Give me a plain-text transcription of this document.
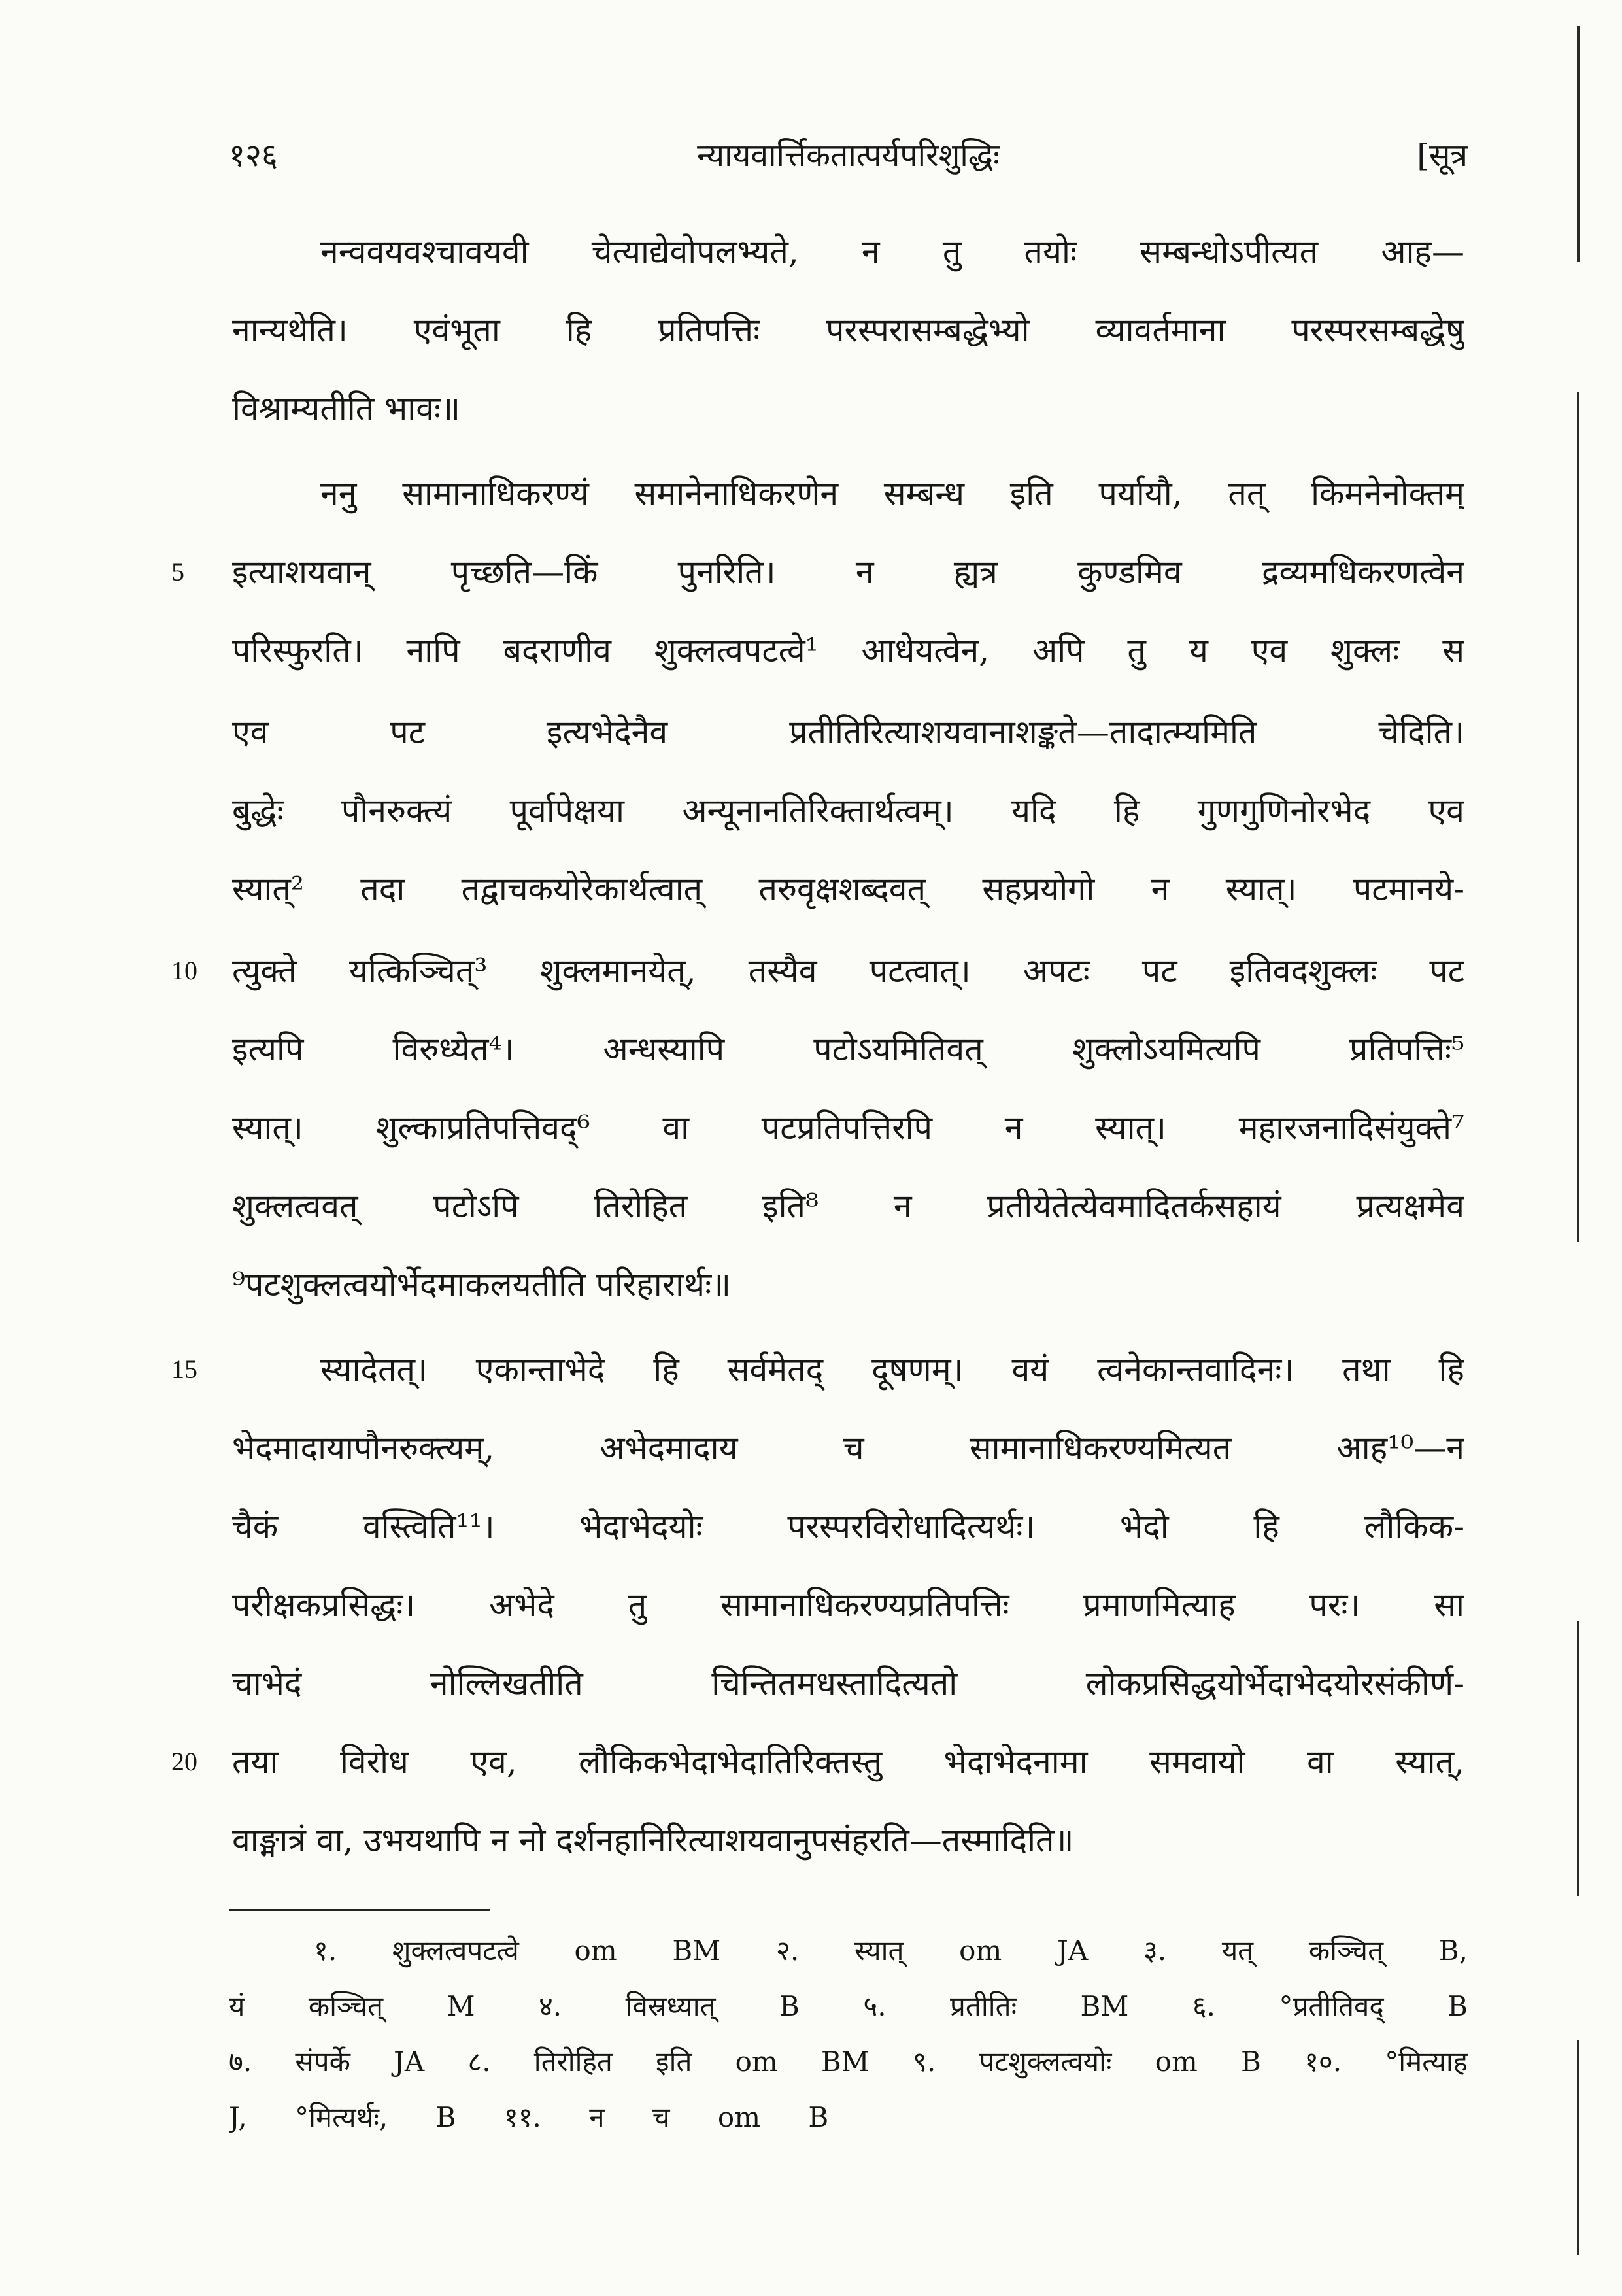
१२६	न्यायवार्त्तिकतात्पर्यपरिशुद्धिः	[सूत्र
नन्ववयवश्चावयवी चेत्याद्येवोपलभ्यते, न तु तयोः सम्बन्धोऽपीत्यत आह—
नान्यथेति। एवंभूता हि प्रतिपत्तिः परस्परासम्बद्धेभ्यो व्यावर्तमाना परस्परसम्बद्धेषु
विश्राम्यतीति भावः॥
ननु सामानाधिकरण्यं समानेनाधिकरणेन सम्बन्ध इति पर्यायौ, तत् किमनेनोक्तम्
इत्याशयवान् पृच्छति—किं पुनरिति। न ह्यत्र कुण्डमिव द्रव्यमधिकरणत्वेन
परिस्फुरति। नापि बदराणीव शुक्लत्वपटत्वे¹ आधेयत्वेन, अपि तु य एव शुक्लः स
एव पट इत्यभेदेनैव प्रतीतिरित्याशयवानाशङ्कते—तादात्म्यमिति चेदिति।
बुद्धेः पौनरुक्त्यं पूर्वापेक्षया अन्यूनानतिरिक्तार्थत्वम्। यदि हि गुणगुणिनोरभेद एव
स्यात्² तदा तद्वाचकयोरेकार्थत्वात् तरुवृक्षशब्दवत् सहप्रयोगो न स्यात्। पटमानये-
त्युक्ते यत्किञ्चित्³ शुक्लमानयेत्, तस्यैव पटत्वात्। अपटः पट इतिवदशुक्लः पट
इत्यपि विरुध्येत⁴। अन्धस्यापि पटोऽयमितिवत् शुक्लोऽयमित्यपि प्रतिपत्तिः⁵
स्यात्। शुल्काप्रतिपत्तिवद्⁶ वा पटप्रतिपत्तिरपि न स्यात्। महारजनादिसंयुक्ते⁷
शुक्लत्ववत् पटोऽपि तिरोहित इति⁸ न प्रतीयेतेत्येवमादितर्कसहायं प्रत्यक्षमेव
⁹पटशुक्लत्वयोर्भेदमाकलयतीति परिहारार्थः॥
स्यादेतत्। एकान्ताभेदे हि सर्वमेतद् दूषणम्। वयं त्वनेकान्तवादिनः। तथा हि
भेदमादायापौनरुक्त्यम्, अभेदमादाय च सामानाधिकरण्यमित्यत आह¹⁰—न
चैकं वस्त्विति¹¹। भेदाभेदयोः परस्परविरोधादित्यर्थः। भेदो हि लौकिक-
परीक्षकप्रसिद्धः। अभेदे तु सामानाधिकरण्यप्रतिपत्तिः प्रमाणमित्याह परः। सा
चाभेदं नोल्लिखतीति चिन्तितमधस्तादित्यतो लोकप्रसिद्धयोर्भेदाभेदयोरसंकीर्ण-
तया विरोध एव, लौकिकभेदाभेदातिरिक्तस्तु भेदाभेदनामा समवायो वा स्यात्,
वाङ्मात्रं वा, उभयथापि न नो दर्शनहानिरित्याशयवानुपसंहरति—तस्मादिति॥
5
10
15
20
१. शुक्लत्वपटत्वे om BM २. स्यात् om JA ३. यत् कञ्चित् B,
यं कञ्चित् M ४. विस्रध्यात् B ५. प्रतीतिः BM ६. °प्रतीतिवद् B
७. संपर्के JA ८. तिरोहित इति om BM ९. पटशुक्लत्वयोः om B १०. °मित्याह
J, °मित्यर्थः, B ११. न च om B
